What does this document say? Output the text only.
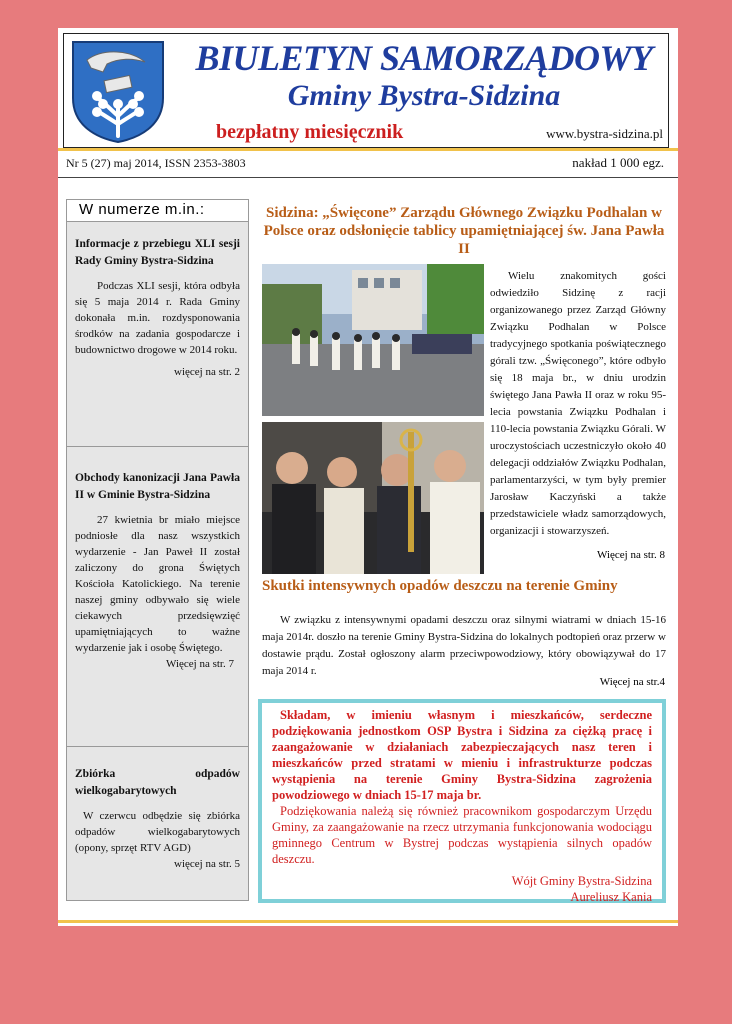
BIULETYN SAMORZĄDOWY
Gminy Bystra-Sidzina
bezpłatny miesięcznik	www.bystra-sidzina.pl
Nr 5 (27) maj 2014, ISSN 2353-3803	nakład 1 000 egz.
W numerze m.in.:
Informacje z przebiegu XLI sesji Rady Gminy Bystra-Sidzina

Podczas XLI sesji, która odbyła się 5 maja 2014 r. Rada Gminy dokonała m.in. rozdysponowania środków na zadania gospodarcze i budownictwo drogowe w 2014 roku.

więcej na str. 2
Obchody kanonizacji Jana Pawła II w Gminie Bystra-Sidzina

27 kwietnia br miało miejsce podniosłe dla nasz wszystkich wydarzenie - Jan Paweł II został zaliczony do grona Świętych Kościoła Katolickiego. Na terenie naszej gminy odbywało się wiele ciekawych przedsięwzięć upamiętniających to ważne wydarzenie jak i osobę Świętego.

Więcej na str. 7
Zbiórka odpadów wielkogabarytowych

W czerwcu odbędzie się zbiórka odpadów wielkogabarytowych (opony, sprzęt RTV AGD)

więcej na str. 5
Sidzina: „Święcone” Zarządu Głównego Związku Podhalan w Polsce oraz odsłonięcie tablicy upamiętniającej św. Jana Pawła II
Wielu znakomitych gości odwiedziło Sidzinę z racji organizowanego przez Zarząd Główny Związku Podhalan w Polsce tradycyjnego spotkania poświątecznego górali tzw. „Święconego”, które odbyło się 18 maja br., w dniu urodzin świętego Jana Pawła II oraz w roku 95-lecia powstania Związku Podhalan i 110-lecia powstania Związku Górali. W uroczystościach uczestniczyło około 40 delegacji oddziałów Związku Podhalan, parlamentarzyści, w tym były premier Jarosław Kaczyński a także przedstawiciele władz samorządowych, organizacji i stowarzyszeń.
Więcej na str. 8
Skutki intensywnych opadów deszczu na terenie Gminy
W związku z intensywnymi opadami deszczu oraz silnymi wiatrami w dniach 15-16 maja 2014r. doszło na terenie Gminy Bystra-Sidzina do lokalnych podtopień oraz przerw w dostawie prądu. Został ogłoszony alarm przeciwpowodziowy, który obowiązywał do 17 maja 2014 r.
Więcej na str.4

Składam, w imieniu własnym i mieszkańców, serdeczne podziękowania jednostkom OSP Bystra i Sidzina za ciężką pracę i zaangażowanie w działaniach zabezpieczających nasz teren i mieszkańców przed stratami w mieniu i infrastrukturze podczas wystąpienia na terenie Gminy Bystra-Sidzina zagrożenia powodziowego w dniach 15-17 maja br.

Podziękowania należą się również pracownikom gospodarczym Urzędu Gminy, za zaangażowanie na rzecz utrzymania funkcjonowania wodociągu gminnego Centrum w Bystrej podczas wystąpienia silnych opadów deszczu.

Wójt Gminy Bystra-Sidzina
Aureliusz Kania
